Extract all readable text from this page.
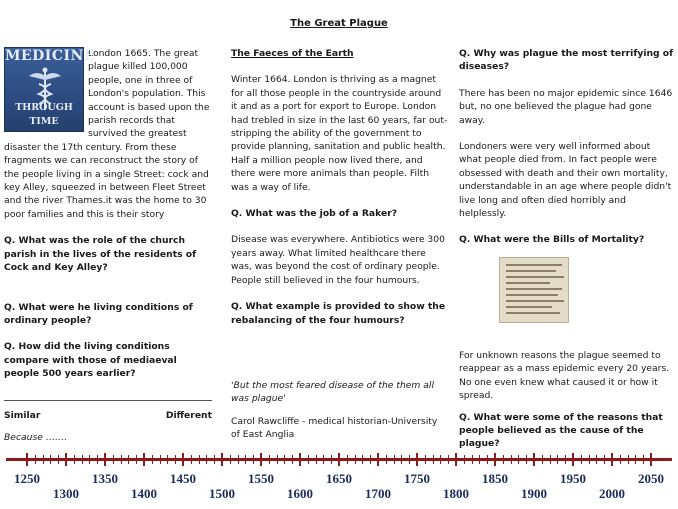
The Great Plague
MEDICINE
THROUGH TIME

London 1665. The great plague killed 100,000 people, one in three of London's population. This account is based upon the parish records that survived the greatest disaster the 17th century. From these fragments we can reconstruct the story of the people living in a single Street: cock and key Alley, squeezed in between Fleet Street and the river Thames.it was the home to 30 poor families and this is their story

Q. What was the role of the church parish in the lives of the residents of Cock and Key Alley?

Q. What were he living conditions of ordinary people?

Q. How did the living conditions compare with those of mediaeval people 500 years earlier?

Similar	Different

Because …….

The Faeces of the Earth

Winter 1664. London is thriving as a magnet for all those people in the countryside around it and as a port for export to Europe. London had trebled in size in the last 60 years, far out- stripping the ability of the government to provide planning, sanitation and public health. Half a million people now lived there, and there were more animals than people. Filth was a way of life.

Q. What was the job of a Raker?

Disease was everywhere. Antibiotics were 300 years away. What limited healthcare there was, was beyond the cost of ordinary people. People still believed in the four humours.

Q. What example is provided to show the rebalancing of the four humours?

'But the most feared disease of the them all was plague'

Carol Rawcliffe - medical historian-University of East Anglia

Q. Why was plague the most terrifying of diseases?

There has been no major epidemic since 1646 but, no one believed the plague had gone away.

Londoners were very well informed about what people died from. In fact people were obsessed with death and their own mortality, understandable in an age where people didn't live long and often died horribly and helplessly.

Q. What were the Bills of Mortality?

For unknown reasons the plague seemed to reappear as a mass epidemic every 20 years. No one even knew what caused it or how it spread.

Q. What were some of the reasons that people believed as the cause of the plague?

1250
1300
1350
1400
1450
1500
1550
1600
1650
1700
1750
1800
1850
1900
1950
2000
2050
